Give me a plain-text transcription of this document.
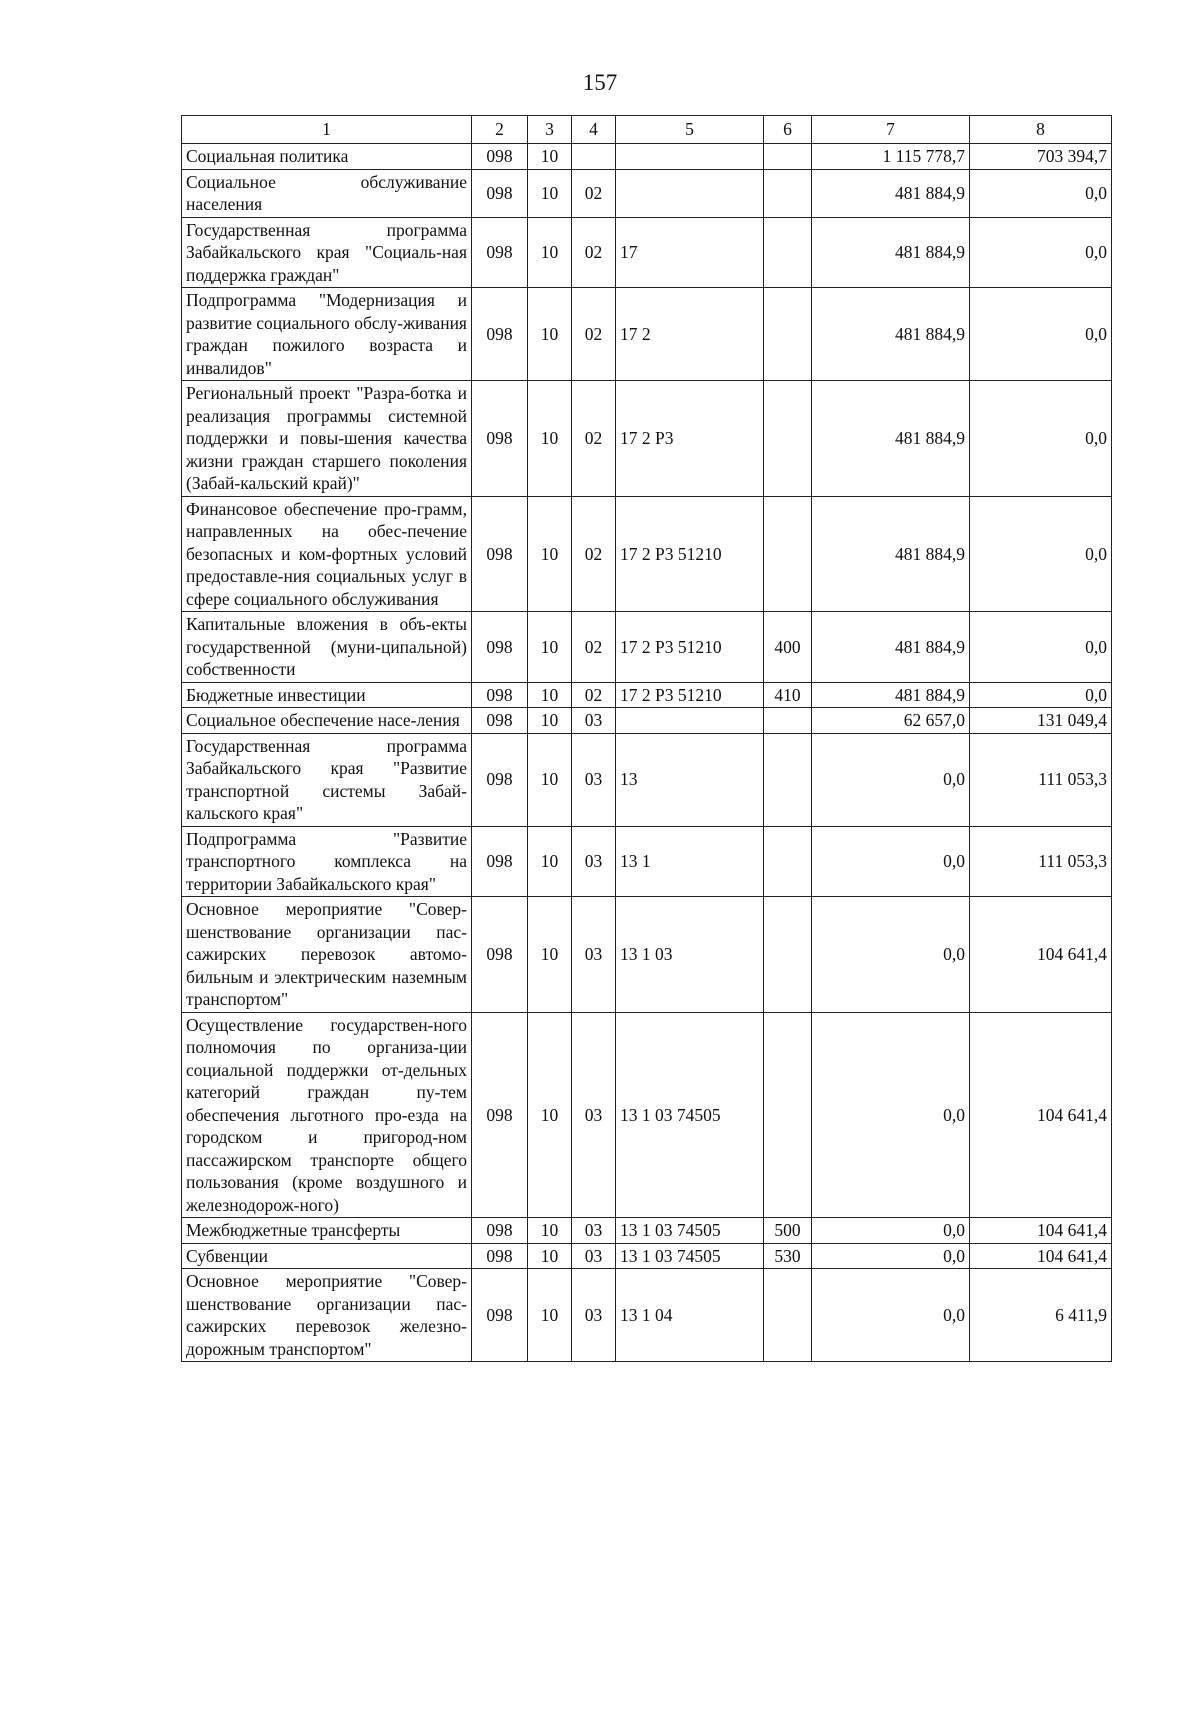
157
1	2	3	4	5	6	7	8
Социальная политика	098	10				1 115 778,7	703 394,7
Социальное обслуживание населения	098	10	02			481 884,9	0,0
Государственная программа Забайкальского края "Социаль-ная поддержка граждан"	098	10	02	17		481 884,9	0,0
Подпрограмма "Модернизация и развитие социального обслу-живания граждан пожилого возраста и инвалидов"	098	10	02	17 2		481 884,9	0,0
Региональный проект "Разра-ботка и реализация программы системной поддержки и повы-шения качества жизни граждан старшего поколения (Забай-кальский край)"	098	10	02	17 2 P3		481 884,9	0,0
Финансовое обеспечение про-грамм, направленных на обес-печение безопасных и ком-фортных условий предоставле-ния социальных услуг в сфере социального обслуживания	098	10	02	17 2 P3 51210		481 884,9	0,0
Капитальные вложения в объ-екты государственной (муни-ципальной) собственности	098	10	02	17 2 P3 51210	400	481 884,9	0,0
Бюджетные инвестиции	098	10	02	17 2 P3 51210	410	481 884,9	0,0
Социальное обеспечение насе-ления	098	10	03			62 657,0	131 049,4
Государственная программа Забайкальского края "Развитие транспортной системы Забай-кальского края"	098	10	03	13		0,0	111 053,3
Подпрограмма "Развитие транспортного комплекса на территории Забайкальского края"	098	10	03	13 1		0,0	111 053,3
Основное мероприятие "Совер-шенствование организации пас-сажирских перевозок автомо-бильным и электрическим наземным транспортом"	098	10	03	13 1 03		0,0	104 641,4
Осуществление государствен-ного полномочия по организа-ции социальной поддержки от-дельных категорий граждан пу-тем обеспечения льготного про-езда на городском и пригород-ном пассажирском транспорте общего пользования (кроме воздушного и железнодорож-ного)	098	10	03	13 1 03 74505		0,0	104 641,4
Межбюджетные трансферты	098	10	03	13 1 03 74505	500	0,0	104 641,4
Субвенции	098	10	03	13 1 03 74505	530	0,0	104 641,4
Основное мероприятие "Совер-шенствование организации пас-сажирских перевозок железно-дорожным транспортом"	098	10	03	13 1 04		0,0	6 411,9
